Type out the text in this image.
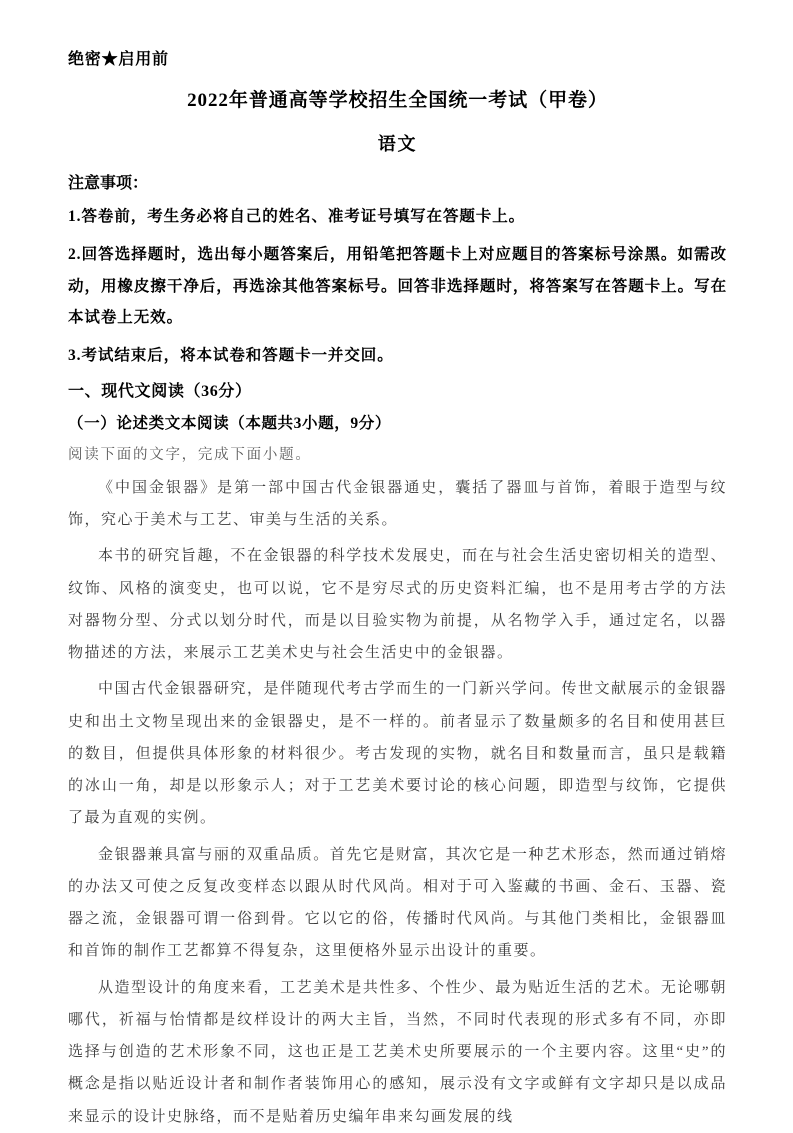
绝密★启用前
2022年普通高等学校招生全国统一考试（甲卷）
语文
注意事项：

1.答卷前，考生务必将自己的姓名、准考证号填写在答题卡上。

2.回答选择题时，选出每小题答案后，用铅笔把答题卡上对应题目的答案标号涂黑。如需改动，用橡皮擦干净后，再选涂其他答案标号。回答非选择题时，将答案写在答题卡上。写在本试卷上无效。

3.考试结束后，将本试卷和答题卡一并交回。

一、现代文阅读（36分）
（一）论述类文本阅读（本题共3小题，9分）
阅读下面的文字，完成下面小题。

《中国金银器》是第一部中国古代金银器通史，囊括了器皿与首饰，着眼于造型与纹饰，究心于美术与工艺、审美与生活的关系。

本书的研究旨趣，不在金银器的科学技术发展史，而在与社会生活史密切相关的造型、纹饰、风格的演变史，也可以说，它不是穷尽式的历史资料汇编，也不是用考古学的方法对器物分型、分式以划分时代，而是以目验实物为前提，从名物学入手，通过定名，以器物描述的方法，来展示工艺美术史与社会生活史中的金银器。

中国古代金银器研究，是伴随现代考古学而生的一门新兴学问。传世文献展示的金银器史和出土文物呈现出来的金银器史，是不一样的。前者显示了数量颇多的名目和使用甚巨的数目，但提供具体形象的材料很少。考古发现的实物，就名目和数量而言，虽只是载籍的冰山一角，却是以形象示人；对于工艺美术要讨论的核心问题，即造型与纹饰，它提供了最为直观的实例。

金银器兼具富与丽的双重品质。首先它是财富，其次它是一种艺术形态，然而通过销熔的办法又可使之反复改变样态以跟从时代风尚。相对于可入鉴藏的书画、金石、玉器、瓷器之流，金银器可谓一俗到骨。它以它的俗，传播时代风尚。与其他门类相比，金银器皿和首饰的制作工艺都算不得复杂，这里便格外显示出设计的重要。

从造型设计的角度来看，工艺美术是共性多、个性少、最为贴近生活的艺术。无论哪朝哪代，祈福与怡情都是纹样设计的两大主旨，当然，不同时代表现的形式多有不同，亦即选择与创造的艺术形象不同，这也正是工艺美术史所要展示的一个主要内容。这里“史”的概念是指以贴近设计者和制作者装饰用心的感知，展示没有文字或鲜有文字却只是以成品来显示的设计史脉络，而不是贴着历史编年串来勾画发展的线
